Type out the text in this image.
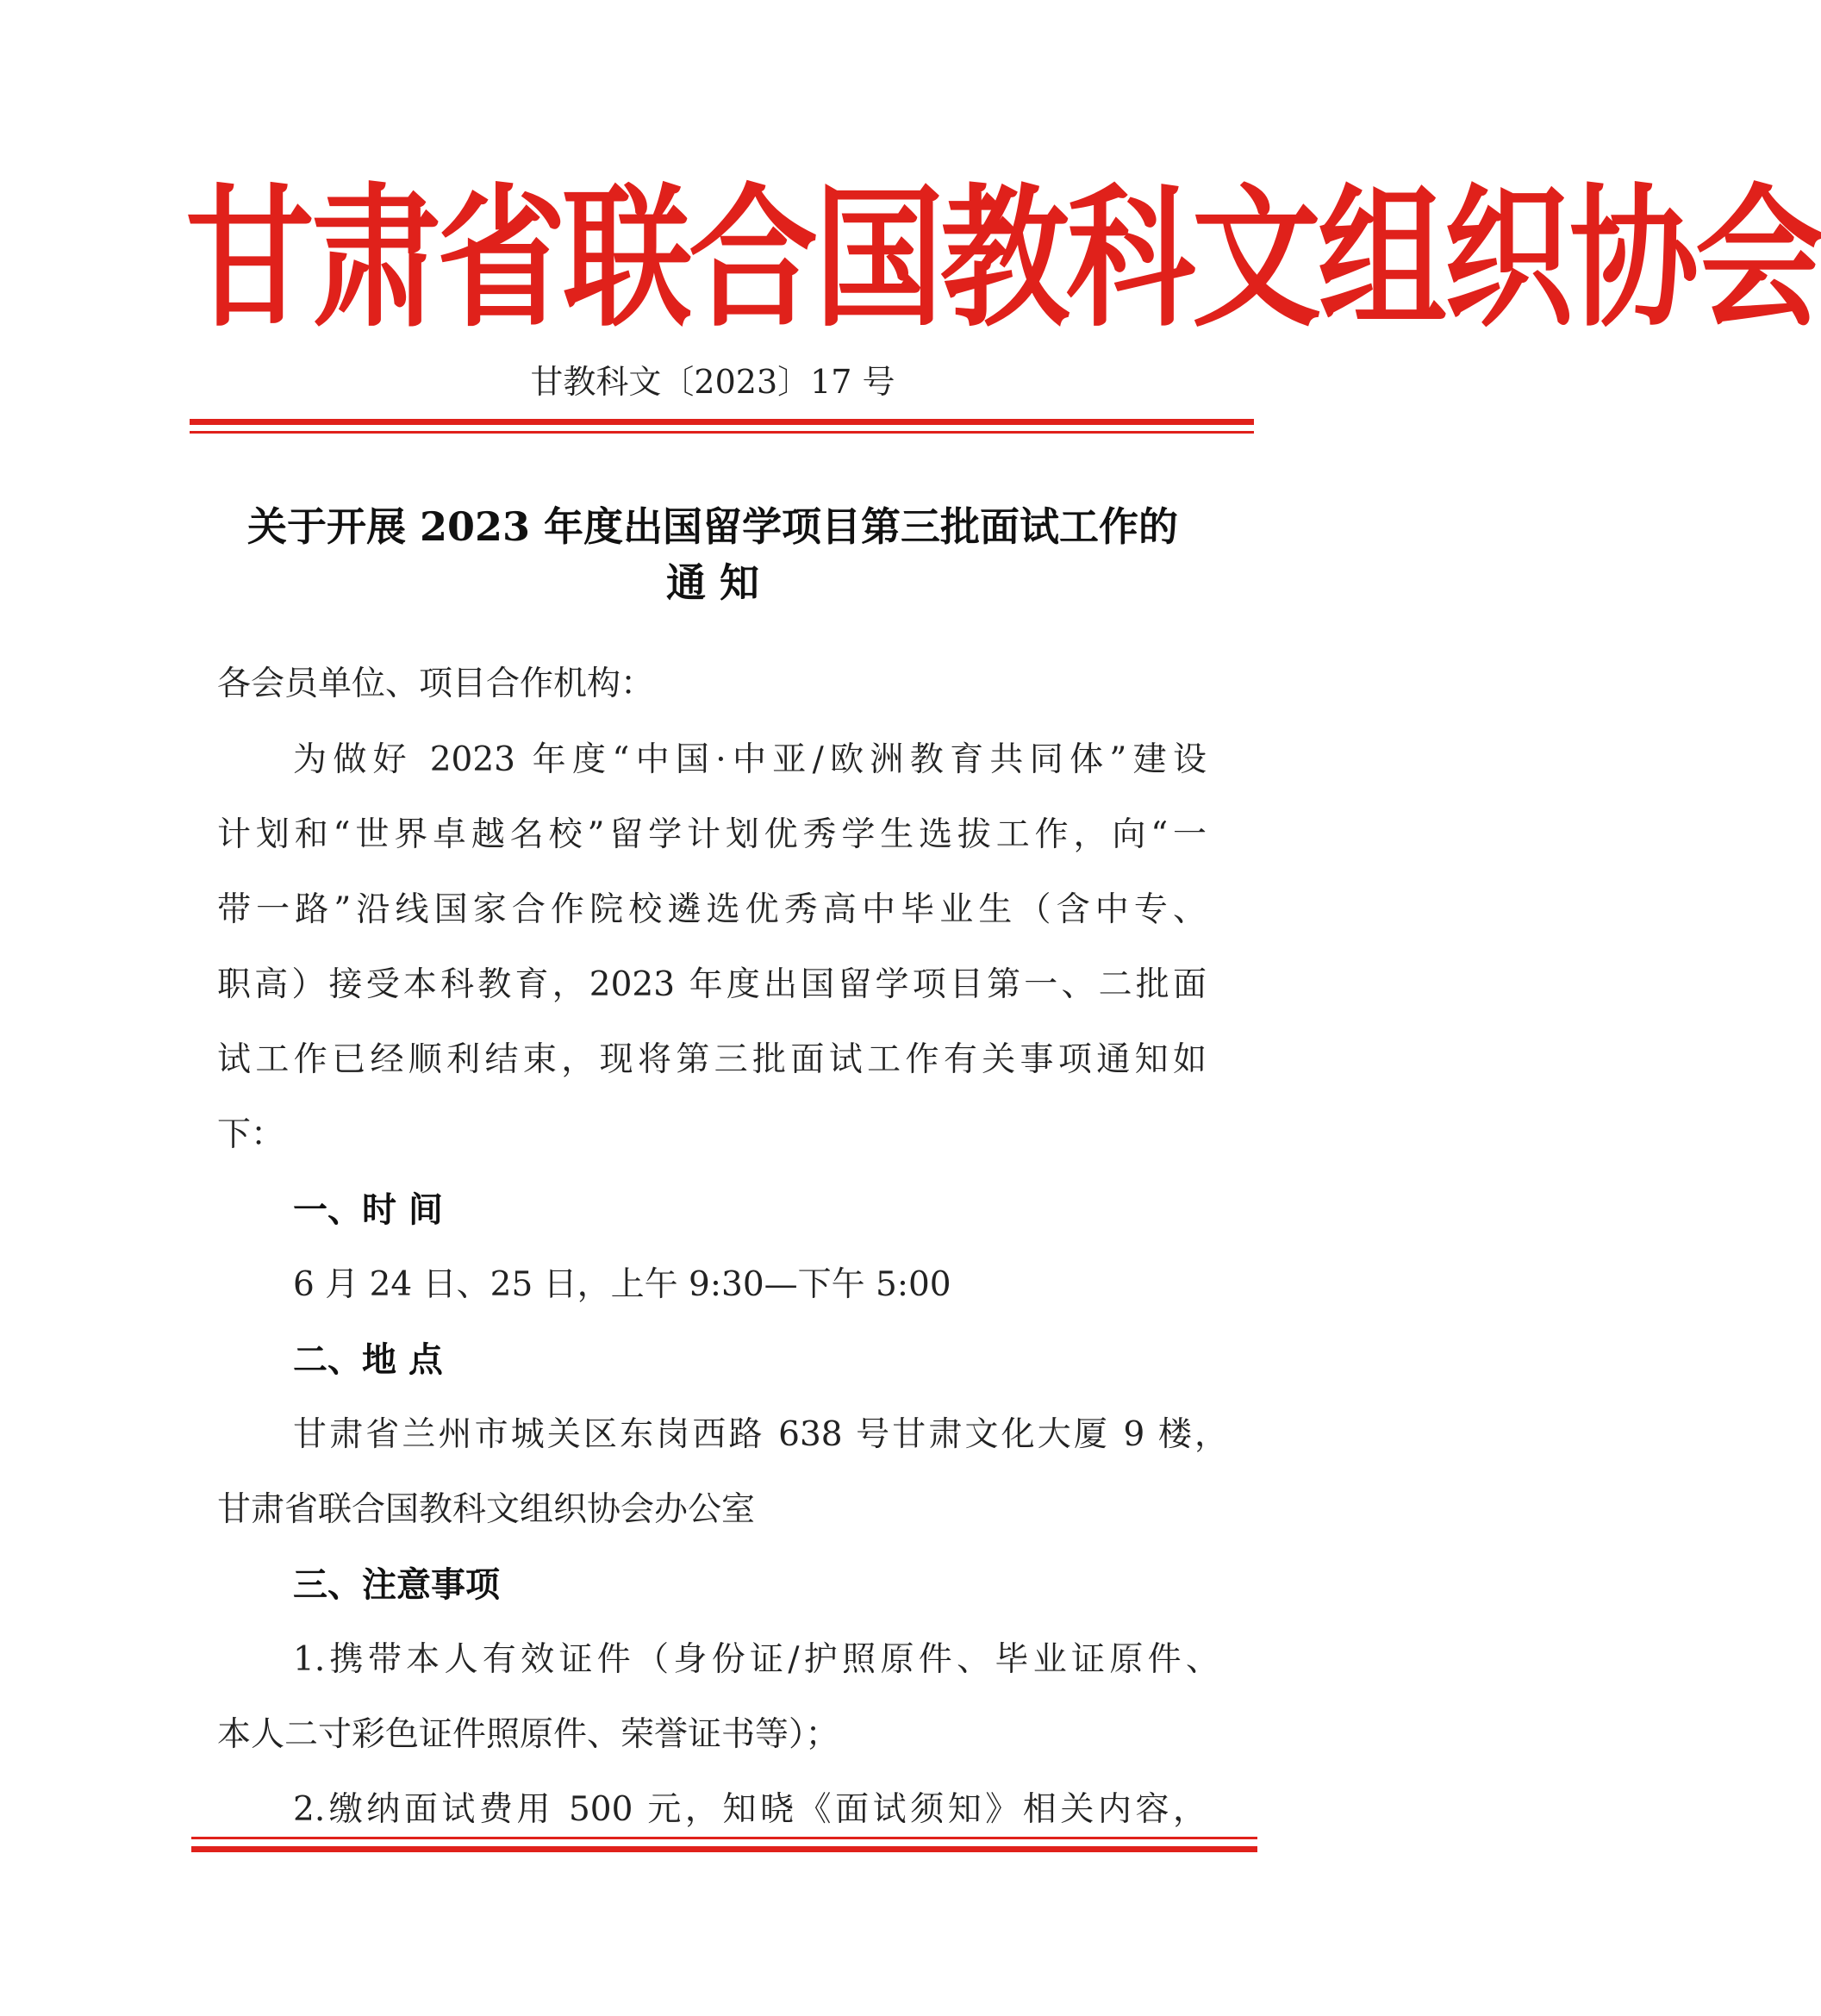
甘肃省联合国教科文组织协会
甘教科文〔2023〕17 号
关于开展 2023 年度出国留学项目第三批面试工作的
通 知
各会员单位、项目合作机构：
为做好 2023 年度“中国·中亚/欧洲教育共同体”建设
计划和“世界卓越名校”留学计划优秀学生选拔工作，向“一
带一路”沿线国家合作院校遴选优秀高中毕业生（含中专、
职高）接受本科教育，2023 年度出国留学项目第一、二批面
试工作已经顺利结束，现将第三批面试工作有关事项通知如
下：
一、时 间
6 月 24 日、25 日，上午 9:30—下午 5:00
二、地 点
甘肃省兰州市城关区东岗西路 638 号甘肃文化大厦 9 楼，
甘肃省联合国教科文组织协会办公室
三、注意事项
1.携带本人有效证件（身份证/护照原件、毕业证原件、
本人二寸彩色证件照原件、荣誉证书等）；
2.缴纳面试费用 500 元，知晓《面试须知》相关内容，
